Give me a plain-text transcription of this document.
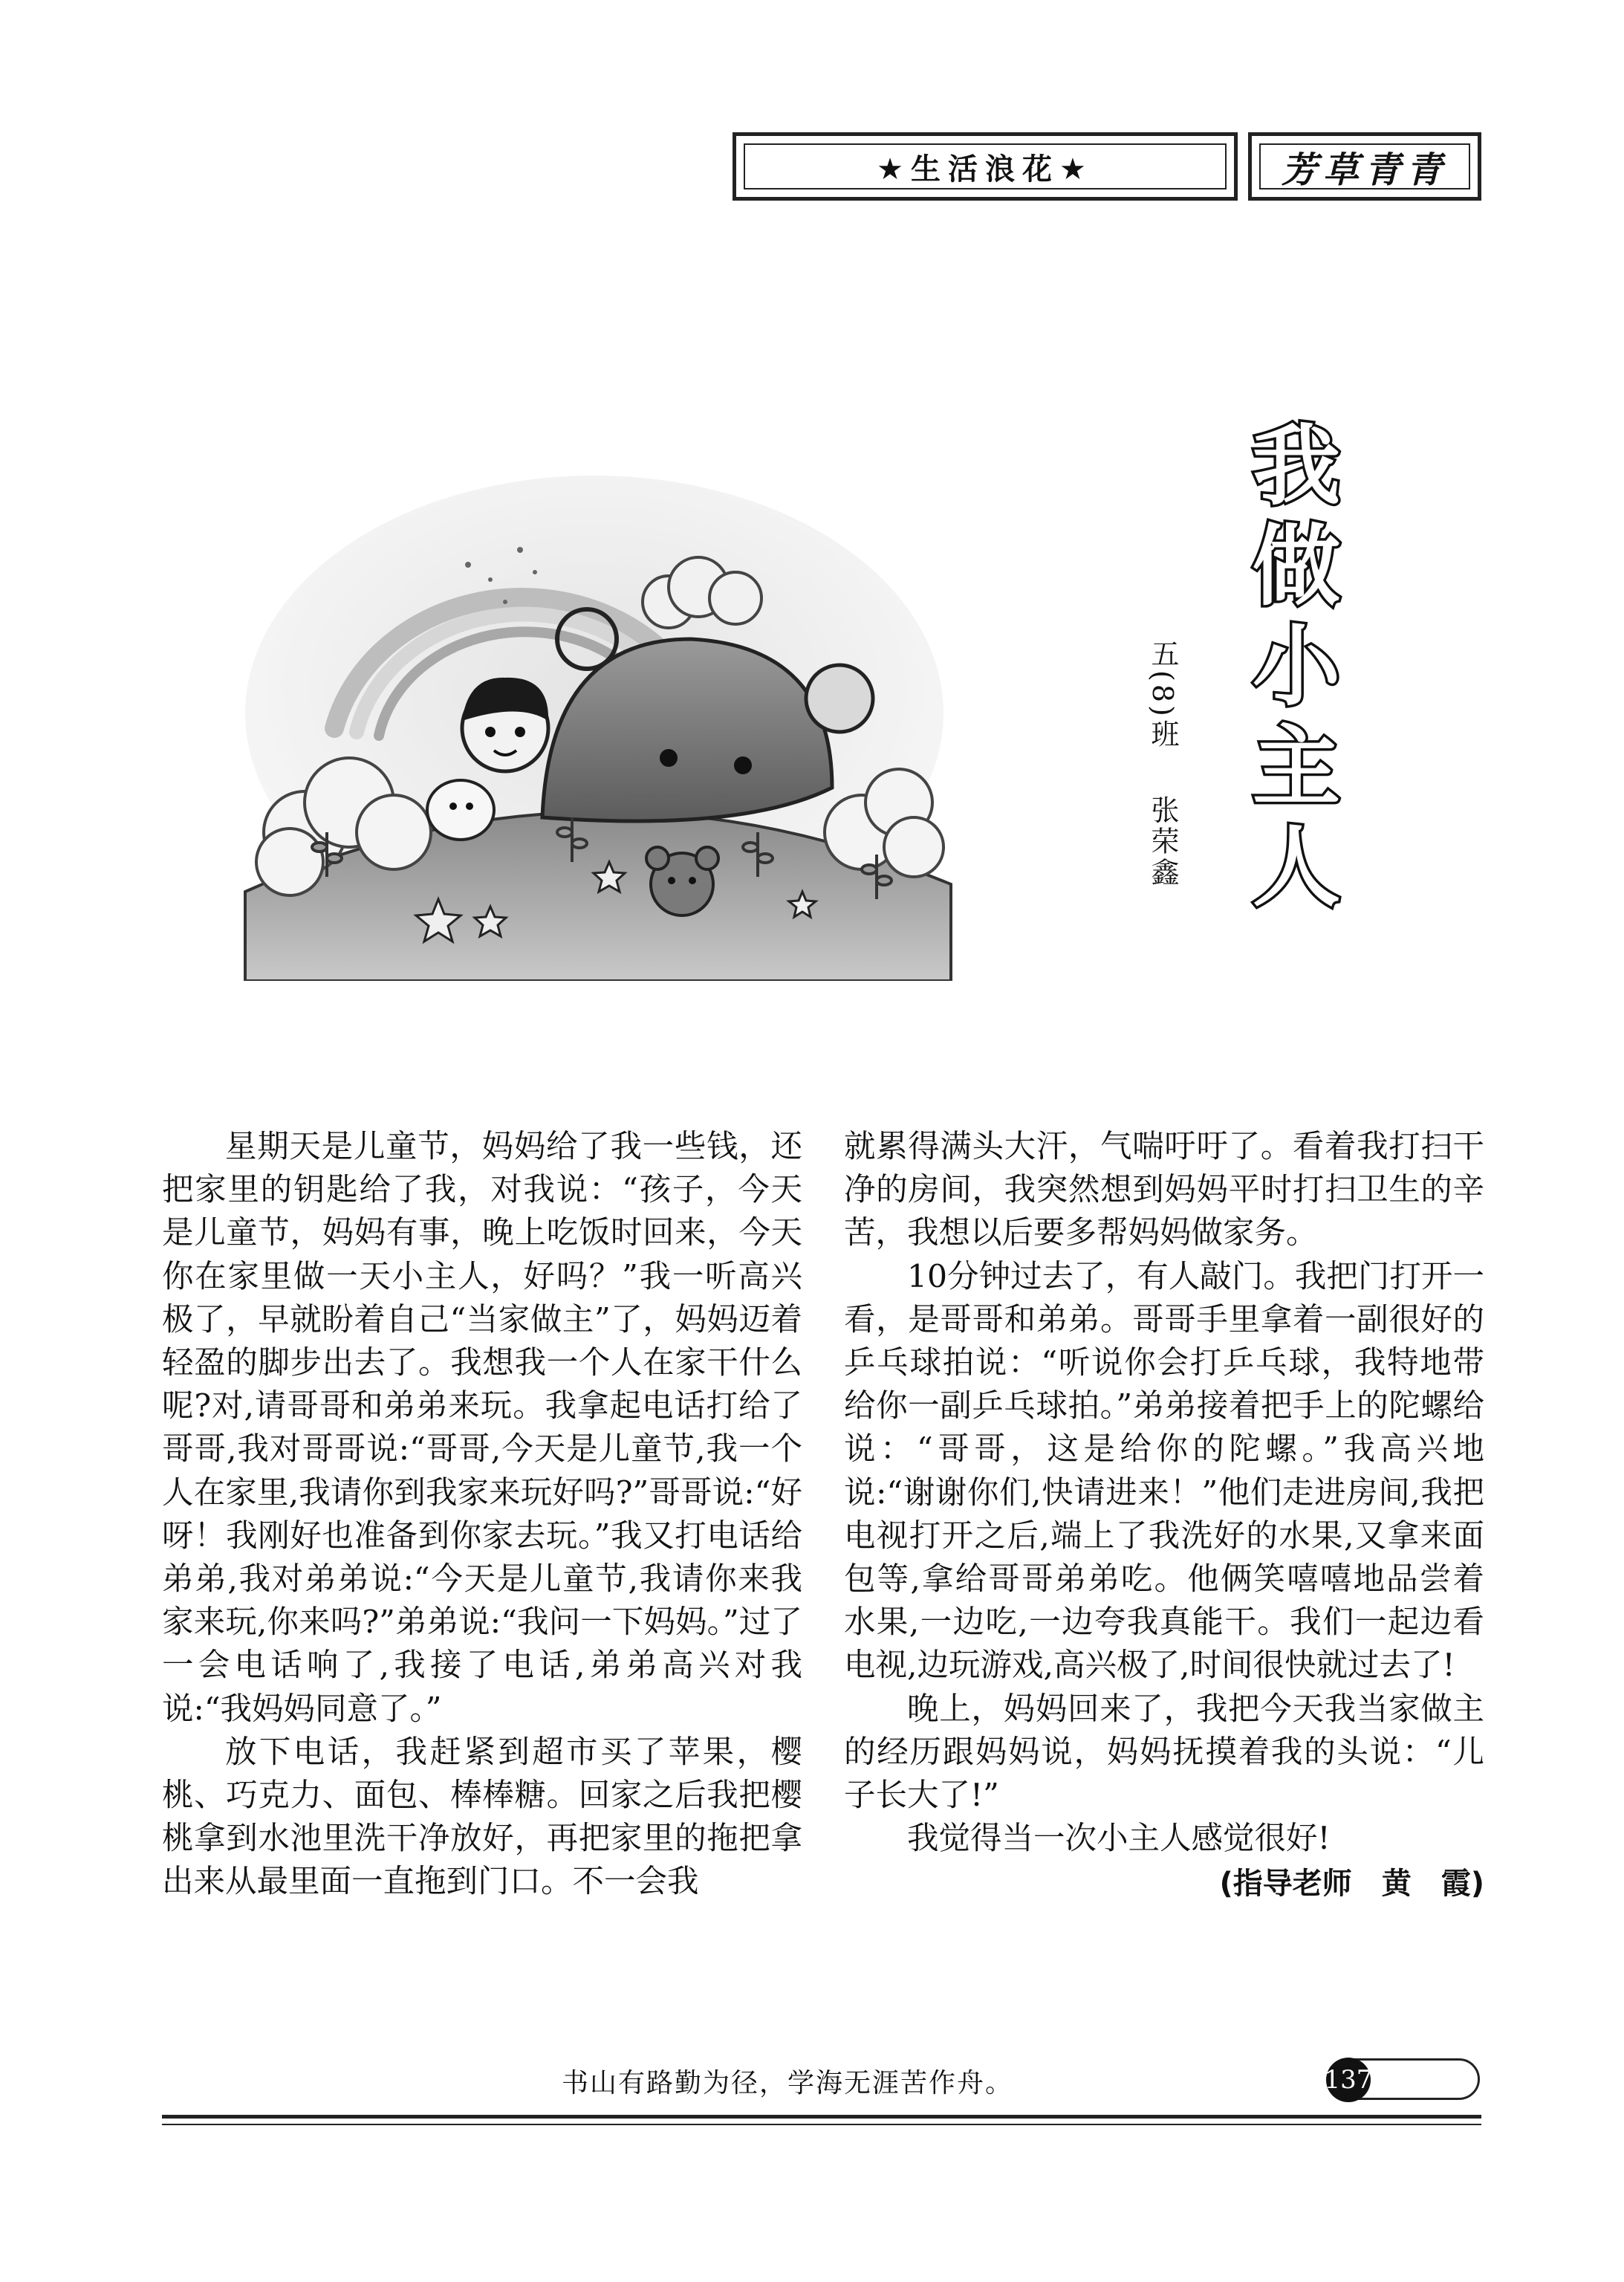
★生活浪花★	芳草青青
我
做
小
主
人
五(8)班张荣鑫

星期天是儿童节，妈妈给了我一些钱，还把家里的钥匙给了我，对我说：“孩子，今天是儿童节，妈妈有事，晚上吃饭时回来，今天你在家里做一天小主人，好吗？”我一听高兴极了，早就盼着自己“当家做主”了，妈妈迈着轻盈的脚步出去了。我想我一个人在家干什么呢?对,请哥哥和弟弟来玩。我拿起电话打给了哥哥,我对哥哥说:“哥哥,今天是儿童节,我一个人在家里,我请你到我家来玩好吗?”哥哥说:“好呀！我刚好也准备到你家去玩。”我又打电话给弟弟,我对弟弟说:“今天是儿童节,我请你来我家来玩,你来吗?”弟弟说:“我问一下妈妈。”过了一会电话响了,我接了电话,弟弟高兴对我说:“我妈妈同意了。”

放下电话，我赶紧到超市买了苹果，樱桃、巧克力、面包、棒棒糖。回家之后我把樱桃拿到水池里洗干净放好，再把家里的拖把拿出来从最里面一直拖到门口。不一会我

就累得满头大汗，气喘吁吁了。看着我打扫干净的房间，我突然想到妈妈平时打扫卫生的辛苦，我想以后要多帮妈妈做家务。

10分钟过去了，有人敲门。我把门打开一看，是哥哥和弟弟。哥哥手里拿着一副很好的乒乓球拍说：“听说你会打乒乓球，我特地带给你一副乒乓球拍。”弟弟接着把手上的陀螺给说：“哥哥，这是给你的陀螺。”我高兴地说:“谢谢你们,快请进来！”他们走进房间,我把电视打开之后,端上了我洗好的水果,又拿来面包等,拿给哥哥弟弟吃。他俩笑嘻嘻地品尝着水果,一边吃,一边夸我真能干。我们一起边看电视,边玩游戏,高兴极了,时间很快就过去了!

晚上，妈妈回来了，我把今天我当家做主的经历跟妈妈说，妈妈抚摸着我的头说：“儿子长大了!”

我觉得当一次小主人感觉很好!

(指导老师　黄　霞)
书山有路勤为径，学海无涯苦作舟。	137
